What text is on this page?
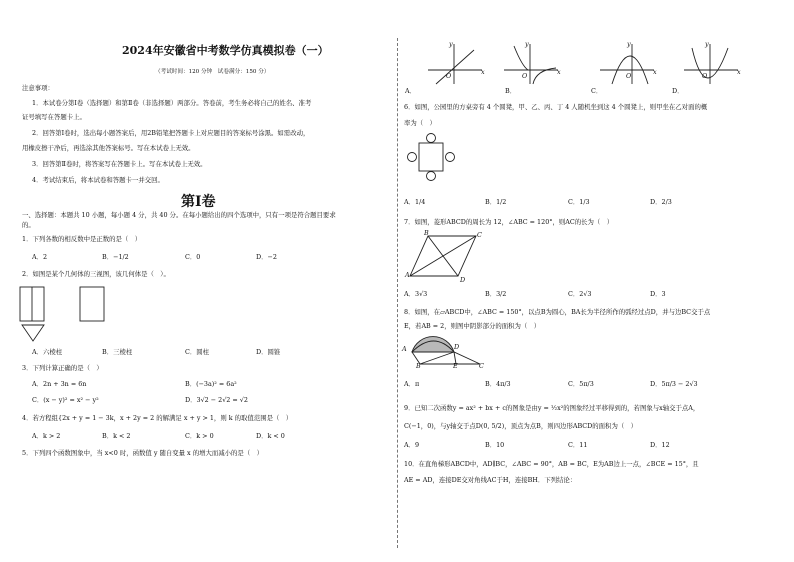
2024年安徽省中考数学仿真模拟卷（一）
（考试时间：120 分钟　试卷满分：150 分）
注意事项：
1．本试卷分第Ⅰ卷（选择题）和第Ⅱ卷（非选择题）两部分。答卷前，考生务必将自己的姓名、准考
证号填写在答题卡上。
2．回答第Ⅰ卷时，选出每小题答案后，用2B铅笔把答题卡上对应题目的答案标号涂黑。如需改动，
用橡皮擦干净后，再选涂其他答案标号。写在本试卷上无效。
3．回答第Ⅱ卷时，将答案写在答题卡上。写在本试卷上无效。
4．考试结束后，将本试卷和答题卡一并交回。
第Ⅰ卷
一、选择题：本题共 10 小题，每小题 4 分，共 40 分。在每小题给出的四个选项中，只有一项是符合题目要求
的。
1．下列各数的相反数中是正数的是（　）
A．2	B．−1/2	C．0	D．−2
2．如图是某个几何体的三视图，该几何体是（　）。
A．六棱柱	B．三棱柱	C．圆柱	D．圆锥
3．下列计算正确的是（　）
A．2n + 3n = 6n	B．(−3a)² = 6a²
C．(x − y)² = x² − y²	D．3√2 − 2√2 = √2
4．若方程组{2x + y = 1 − 3k，x + 2y = 2 的解满足 x + y > 1，则 k 的取值范围是（　）
A．k > 2	B．k < 2	C．k > 0	D．k < 0
5．下列四个函数图象中，当 x<0 时，函数值 y 随自变量 x 的增大而减小的是（　）
y
x
O
y
x
O
y
x
O
y
x
O
A．	B．	C．	D．
6．如图，公园里的方桌旁有 4 个圆凳，甲、乙、丙、丁 4 人随机坐到这 4 个圆凳上，则甲坐在乙对面的概
率为（　）
A．1/4	B．1/2	C．1/3	D．2/3
7．如图，菱形ABCD的周长为 12，∠ABC = 120°，则AC的长为（　）
A
B	C
D
A．3√3	B．3/2	C．2√3	D．3
8．如图，在▱ABCD中，∠ABC = 150°，以点B为圆心，BA长为半径所作的弧经过点D，并与边BC交于点
E，若AB = 2，则图中阴影部分的面积为（　）
A
B	E	C
D
A．π	B．4π/3	C．5π/3	D．5π/3 − 2√3
9．已知二次函数y = ax² + bx + c的图象是由y = ½x²的图象经过平移得到的，若图象与x轴交于点A，
C(−1，0)，与y轴交于点D(0, 5/2)，顶点为点B，则四边形ABCD的面积为（　）
A．9	B．10	C．11	D．12
10．在直角梯形ABCD中，AD∥BC，∠ABC = 90°，AB = BC，E为AB边上一点，∠BCE = 15°，且
AE = AD，连接DE交对角线AC于H，连接BH．下列结论：
